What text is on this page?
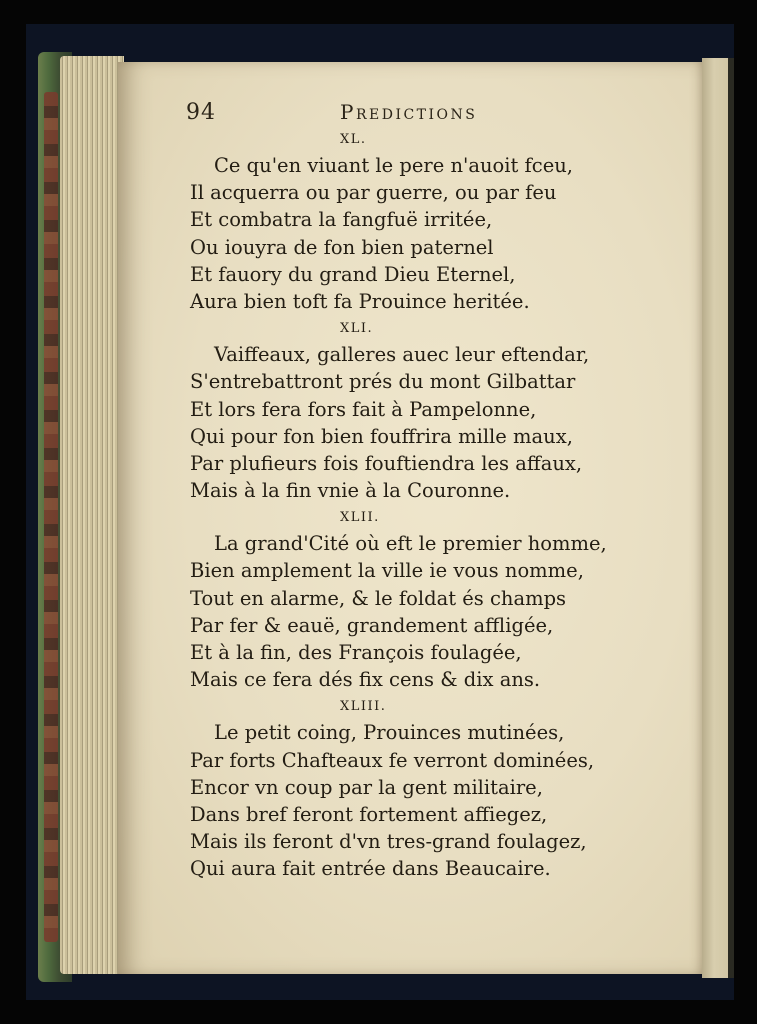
94	Predictions
XL.
Ce qu'en viuant le pere n'auoit fceu,
Il acquerra ou par guerre, ou par feu
Et combatra la fangfuë irritée,
Ou iouyra de fon bien paternel
Et fauory du grand Dieu Eternel,
Aura bien toft fa Prouince heritée.
XLI.
Vaiffeaux, galleres auec leur eftendar,
S'entrebattront prés du mont Gilbattar
Et lors fera fors fait à Pampelonne,
Qui pour fon bien fouffrira mille maux,
Par plufieurs fois fouftiendra les affaux,
Mais à la fin vnie à la Couronne.
XLII.
La grand'Cité où eft le premier homme,
Bien amplement la ville ie vous nomme,
Tout en alarme, & le foldat és champs
Par fer & eauë, grandement affligée,
Et à la fin, des François foulagée,
Mais ce fera dés fix cens & dix ans.
XLIII.
Le petit coing, Prouinces mutinées,
Par forts Chafteaux fe verront dominées,
Encor vn coup par la gent militaire,
Dans bref feront fortement affiegez,
Mais ils feront d'vn tres-grand foulagez,
Qui aura fait entrée dans Beaucaire.
